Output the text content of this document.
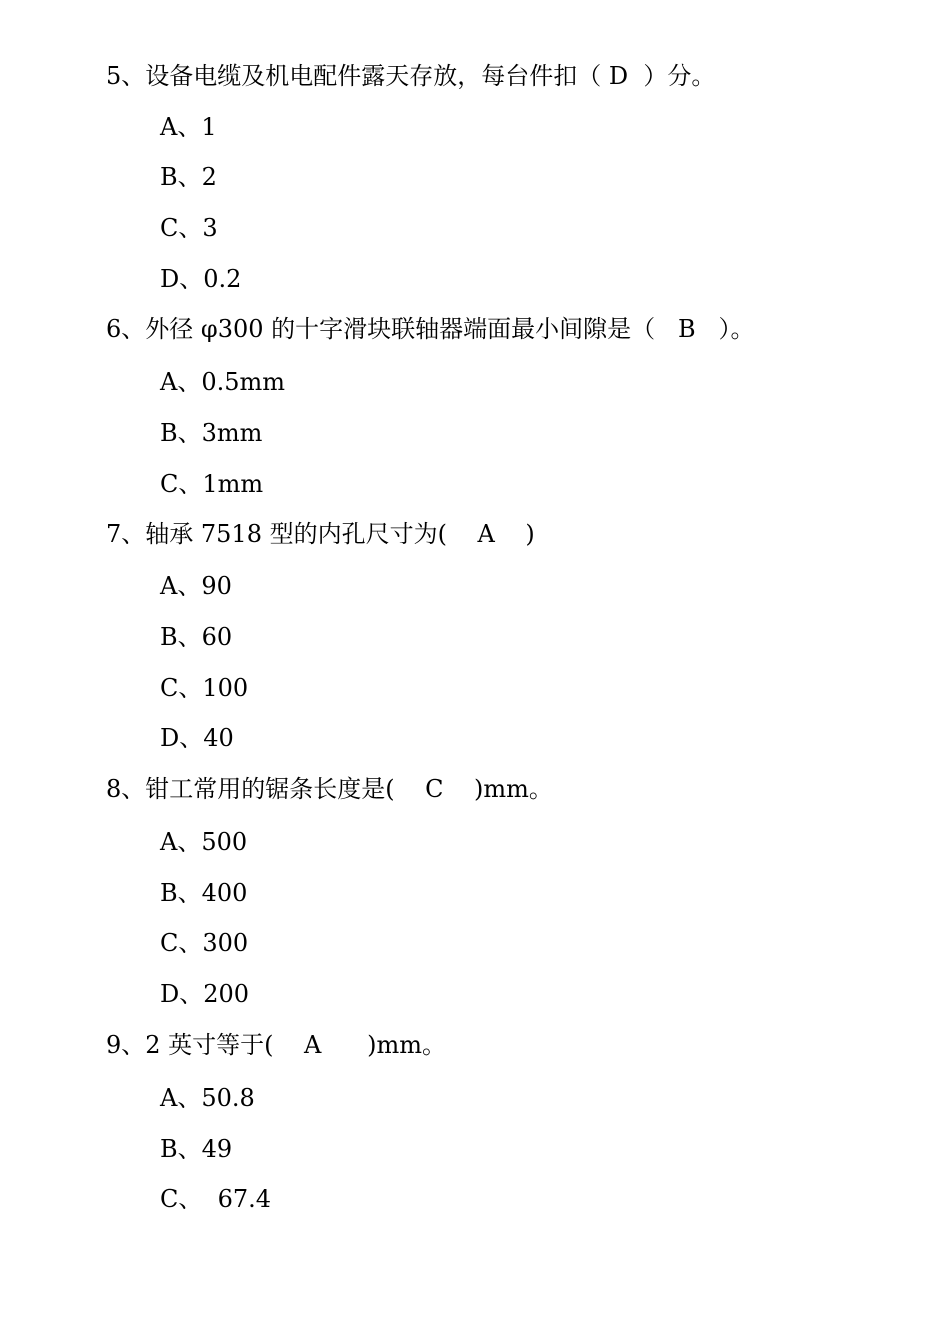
5、设备电缆及机电配件露天存放，每台件扣（ D  ）分。
A、1
B、2
C、3
D、0.2
6、外径 φ300 的十字滑块联轴器端面最小间隙是（   B   ）。
A、0.5mm
B、3mm
C、1mm
7、轴承 7518 型的内孔尺寸为(    A    )
A、90
B、60
C、100
D、40
8、钳工常用的锯条长度是(    C    )mm。
A、500
B、400
C、300
D、200
9、2 英寸等于(    A      )mm。
A、50.8
B、49
C、  67.4
